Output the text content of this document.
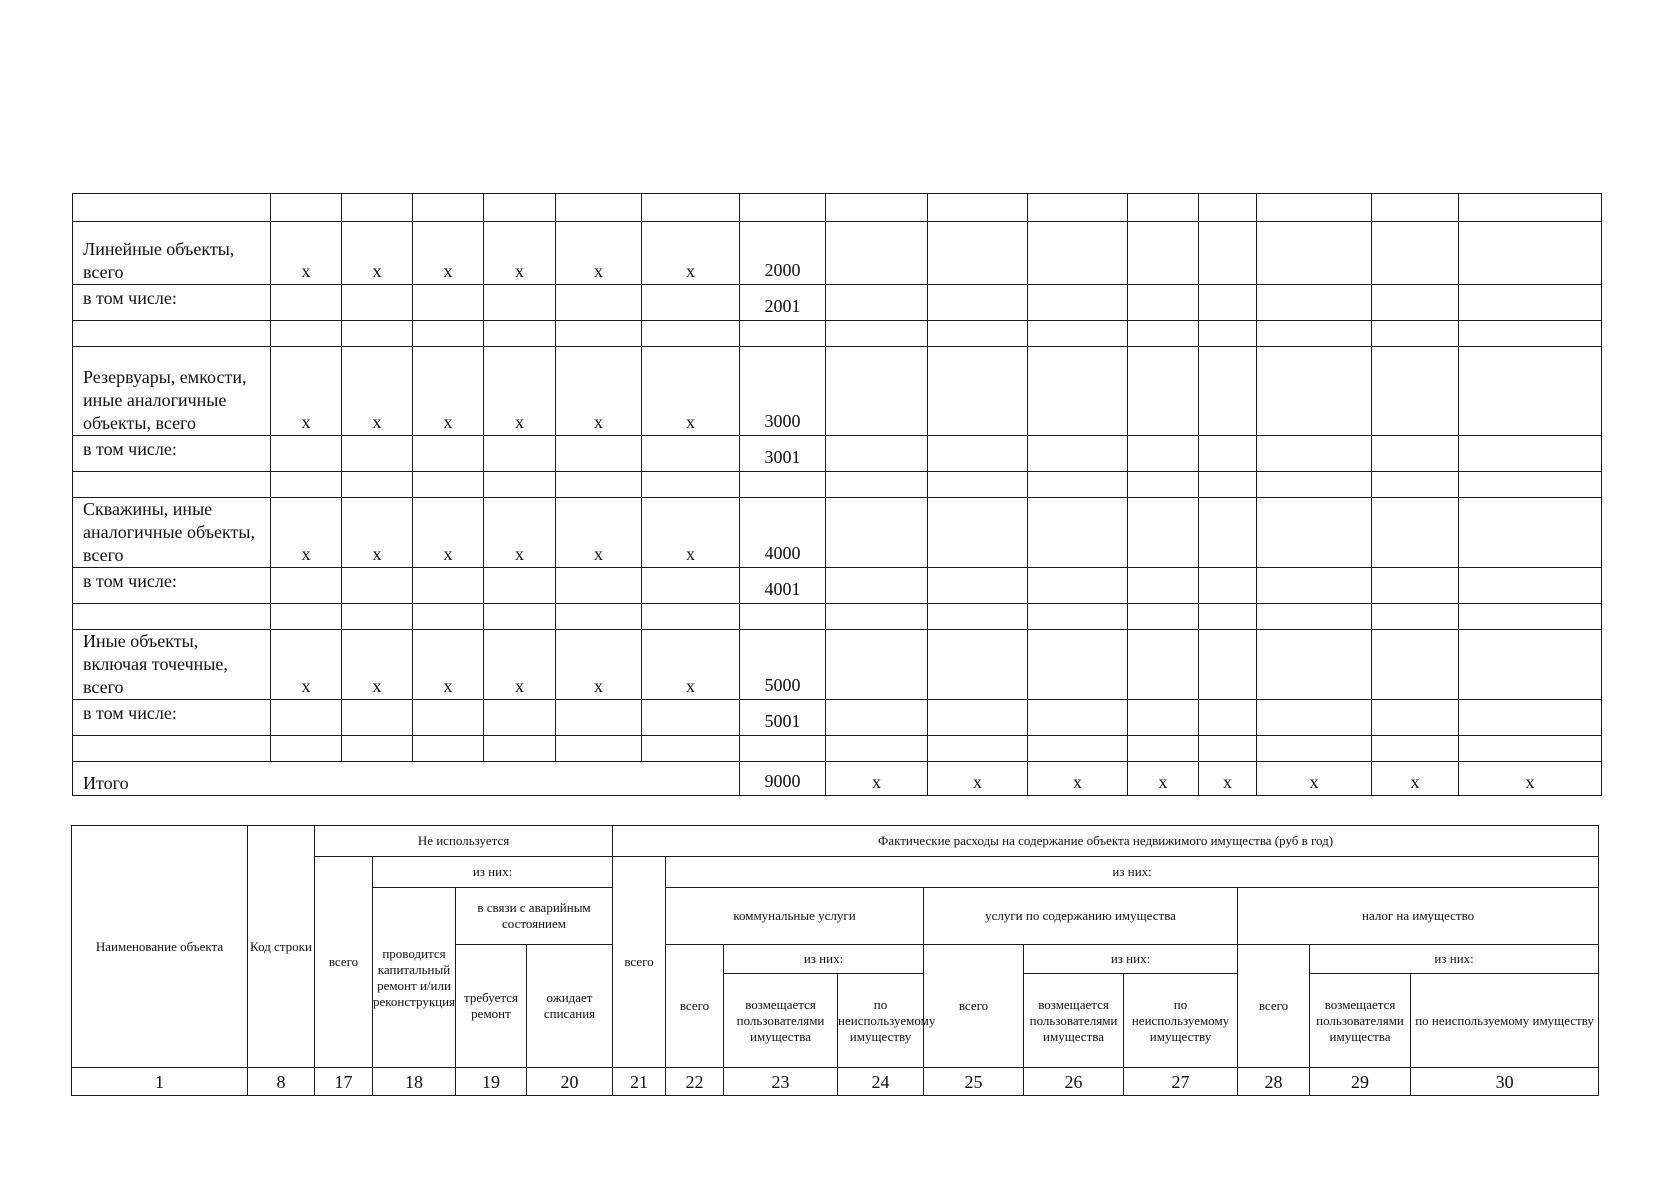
Линейные объекты, всего	x	x	x	x	x	x	2000								
в том числе:							2001								

Резервуары, емкости, иные аналогичные объекты, всего	x	x	x	x	x	x	3000								
в том числе:							3001								

Скважины, иные аналогичные объекты, всего	x	x	x	x	x	x	4000								
в том числе:							4001								

Иные объекты, включая точечные, всего	x	x	x	x	x	x	5000								
в том числе:							5001								

Итого							9000	x	x	x	x	x	x	x	x
Наименование объекта	Код строки	Не используется				Фактические расходы на содержание объекта недвижимого имущества (руб в год)									
		всего	из них:			всего	из них:								
			проводится капитальный ремонт и/или реконструкция	в связи с аварийным состоянием			коммунальные услуги			услуги по содержанию имущества			налог на имущество		
				требуется ремонт	ожидает списания		всего	из них:		всего	из них:		всего	из них:	
								возмещается пользователями имущества	по неиспользуемому имуществу		возмещается пользователями имущества	по неиспользуемому имуществу		возмещается пользователями имущества	по неиспользуемому имуществу
1	8	17	18	19	20	21	22	23	24	25	26	27	28	29	30
